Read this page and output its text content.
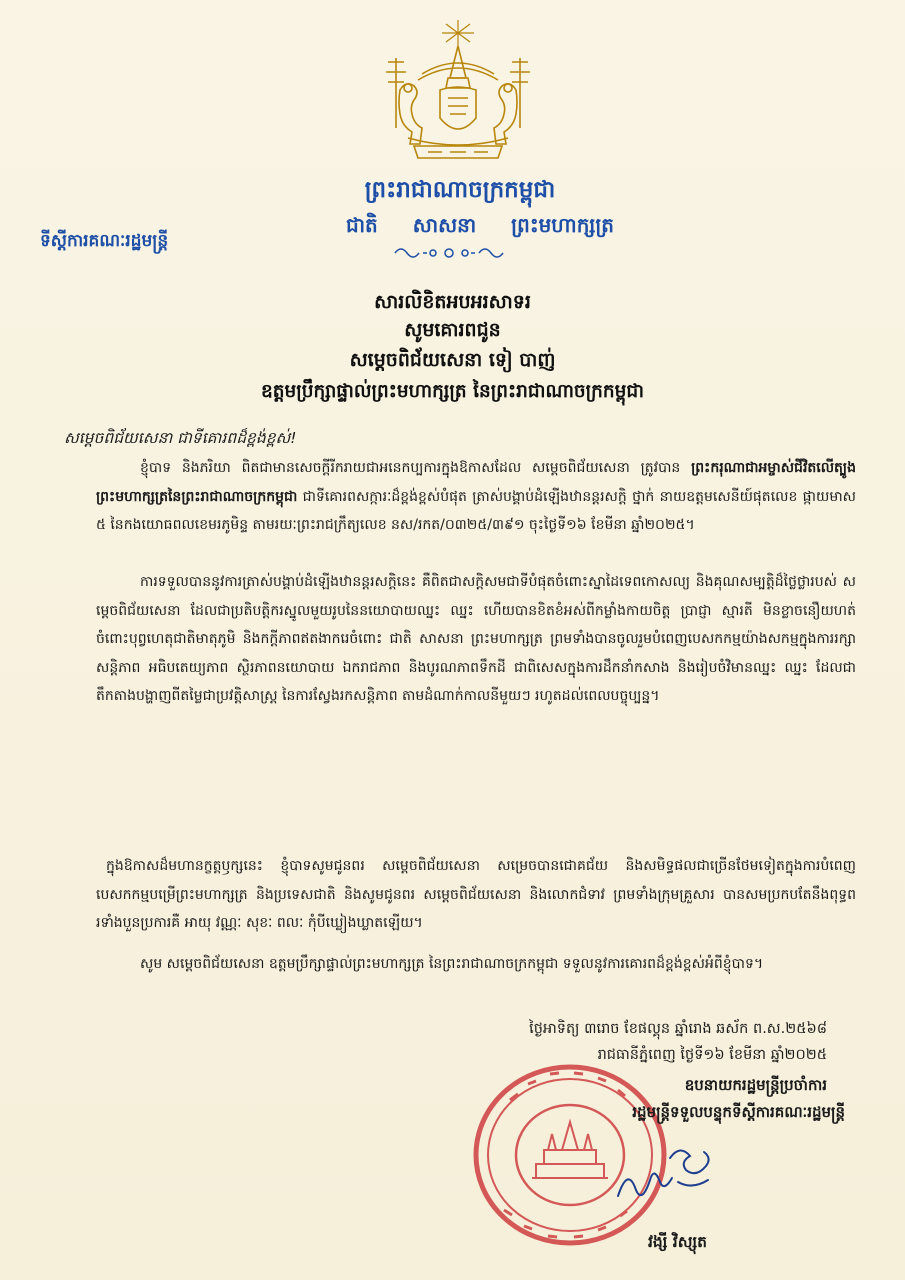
ព្រះរាជាណាចក្រកម្ពុជា
ជាតិ សាសនា ព្រះមហាក្សត្រ
ទីស្តីការគណៈរដ្ឋមន្ត្រី
សារលិខិតអបអរសាទរ
សូមគោរពជូន
សម្តេចពិជ័យសេនា ទៀ បាញ់
ឧត្តមប្រឹក្សាផ្ទាល់ព្រះមហាក្សត្រ នៃព្រះរាជាណាចក្រកម្ពុជា
សម្តេចពិជ័យសេនា ជាទីគោរពដ៏ខ្ពង់ខ្ពស់!
ខ្ញុំបាទ និងភរិយា ពិតជាមានសេចក្តីរីករាយជាអនេកប្បការក្នុងឱកាសដែល សម្តេចពិជ័យសេនា ត្រូវបាន ព្រះករុណាជាអម្ចាស់ជីវិតលើត្បូង ព្រះមហាក្សត្រនៃព្រះរាជាណាចក្រកម្ពុជា ជាទីគោរពសក្ការៈដ៏ខ្ពង់ខ្ពស់បំផុត ត្រាស់បង្គាប់ដំឡើងឋានន្តរសក្តិ ថ្នាក់ នាយឧត្តមសេនីយ៍ផុតលេខ ផ្កាយមាស ៥ នៃកងយោធពលខេមរភូមិន្ទ តាមរយៈព្រះរាជក្រឹត្យលេខ នស/រកត/០៣២៥/៣៩១ ចុះថ្ងៃទី១៦ ខែមីនា ឆ្នាំ២០២៥។
ការទទួលបាននូវការត្រាស់បង្គាប់ដំឡើងឋានន្តរសក្តិនេះ គឺពិតជាសក្តិសមជាទីបំផុតចំពោះស្នាដៃទេពកោសល្យ និងគុណសម្បត្តិដ៏ថ្លៃថ្លារបស់ សម្តេចពិជ័យសេនា ដែលជាប្រតិបត្តិករស្នូលមួយរូបនៃនយោបាយឈ្នះ ឈ្នះ ហើយបានខិតខំអស់ពីកម្លាំងកាយចិត្ត ប្រាជ្ញា ស្មារតី មិនខ្លាចនឿយហត់ ចំពោះបុព្វហេតុជាតិមាតុភូមិ និងកក្តីភាពឥតងាករេចំពោះ ជាតិ សាសនា ព្រះមហាក្សត្រ ព្រមទាំងបានចូលរួមបំពេញបេសកកម្មយ៉ាងសកម្មក្នុងការរក្សាសន្តិភាព អធិបតេយ្យភាព ស្ថិរភាពនយោបាយ ឯករាជភាព និងបូរណភាពទឹកដី ជាពិសេសក្នុងការដឹកនាំកសាង និងរៀបចំវិមានឈ្នះ ឈ្នះ ដែលជាតឹកតាងបង្ហាញពីតម្លៃជាប្រវត្តិសាស្ត្រ នៃការស្វែងរកសន្តិភាព តាមដំណាក់កាលនីមួយៗ រហូតដល់ពេលបច្ចុប្បន្ន។
ក្នុងឱកាសដ៏មហានក្ខត្តឫក្សនេះ ខ្ញុំបាទសូមជូនពរ សម្តេចពិជ័យសេនា សម្រេចបានជោគជ័យ និងសមិទ្ធផលជាច្រើនថែមទៀតក្នុងការបំពេញបេសកកម្មបម្រើព្រះមហាក្សត្រ និងប្រទេសជាតិ និងសូមជូនពរ សម្តេចពិជ័យសេនា និងលោកជំទាវ ព្រមទាំងក្រុមគ្រួសារ បានសមប្រកបតែនឹងពុទ្ធពរទាំងបួនប្រការគឺ អាយុ វណ្ណៈ សុខៈ ពលៈ កុំបីឃ្លៀងឃ្លាតឡើយ។
សូម សម្តេចពិជ័យសេនា ឧត្តមប្រឹក្សាផ្ទាល់ព្រះមហាក្សត្រ នៃព្រះរាជាណាចក្រកម្ពុជា ទទួលនូវការគោរពដ៏ខ្ពង់ខ្ពស់អំពីខ្ញុំបាទ។
ថ្ងៃអាទិត្យ ៣រោច ខែផល្គុន ឆ្នាំរោង ឆស័ក ព.ស.២៥៦៨
រាជធានីភ្នំពេញ ថ្ងៃទី១៦ ខែមីនា ឆ្នាំ២០២៥
ឧបនាយករដ្ឋមន្ត្រីប្រចាំការ
រដ្ឋមន្ត្រីទទួលបន្ទុកទីស្តីការគណៈរដ្ឋមន្ត្រី
វង្សី វិស្សុត
